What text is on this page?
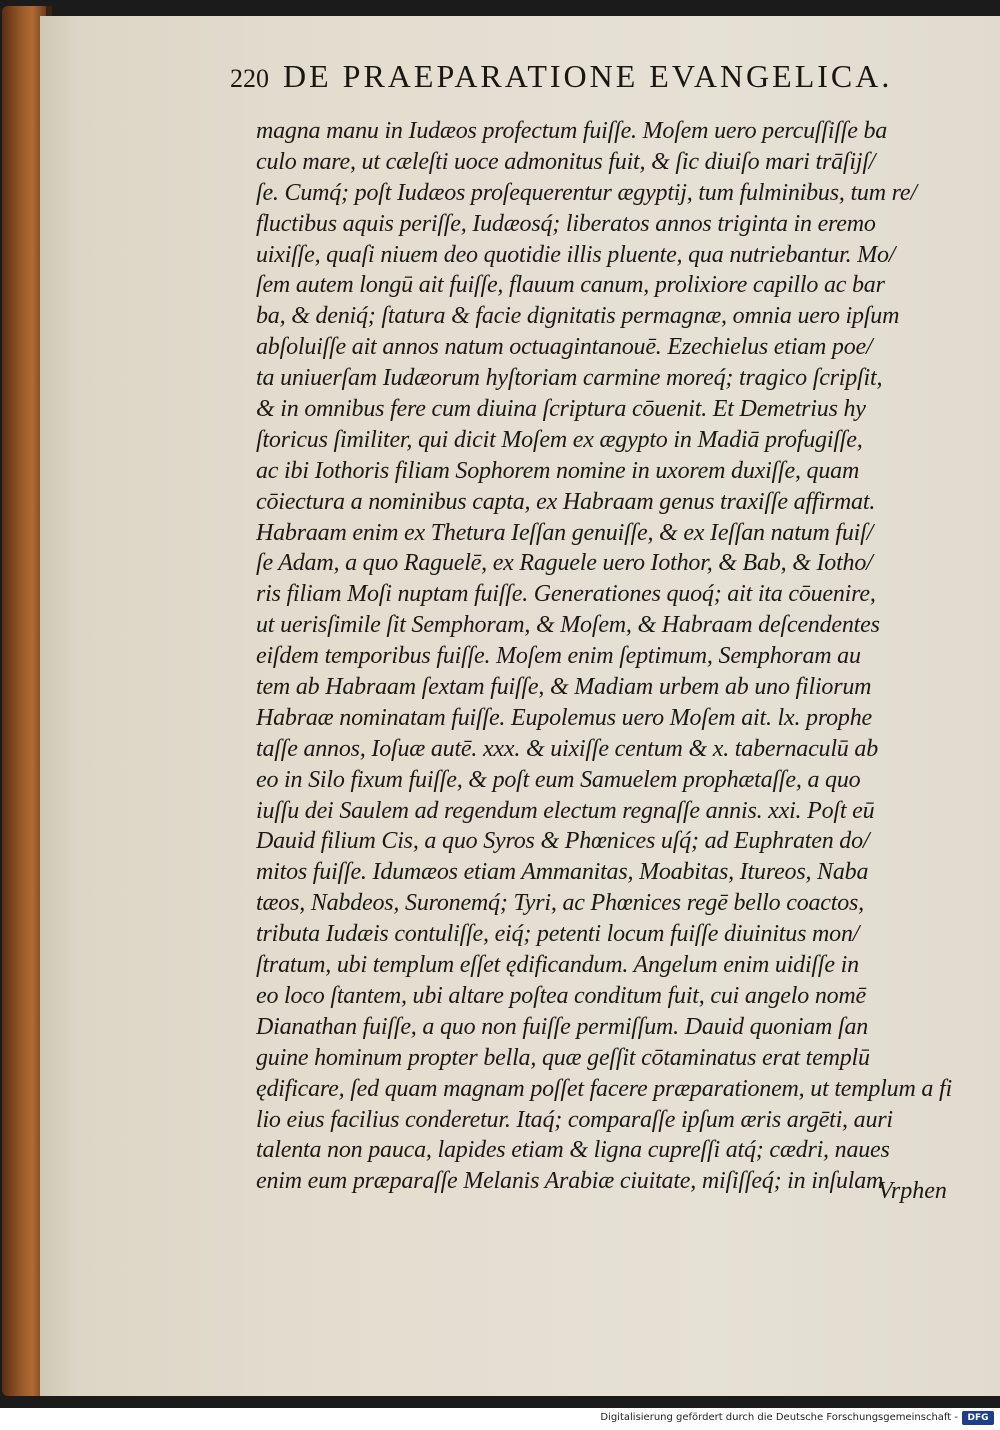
220 DE PRAEPARATIONE EVANGELICA.
magna manu in Iudæos profectum fuiſſe. Moſem uero percuſſiſſe ba
culo mare, ut cæleſti uoce admonitus fuit, & ſic diuiſo mari trāſijſ/
ſe. Cumq́; poſt Iudæos proſequerentur ægyptij, tum fulminibus, tum re/
fluctibus aquis periſſe, Iudæosq́; liberatos annos triginta in eremo
uixiſſe, quaſi niuem deo quotidie illis pluente, qua nutriebantur. Mo/
ſem autem longū ait fuiſſe, flauum canum, prolixiore capillo ac bar
ba, & deniq́; ſtatura & facie dignitatis permagnæ, omnia uero ipſum
abſoluiſſe ait annos natum octuagintanouē. Ezechielus etiam poe/
ta uniuerſam Iudæorum hyſtoriam carmine moreq́; tragico ſcripſit,
& in omnibus fere cum diuina ſcriptura cōuenit. Et Demetrius hy
ſtoricus ſimiliter, qui dicit Moſem ex ægypto in Madiā profugiſſe,
ac ibi Iothoris filiam Sophorem nomine in uxorem duxiſſe, quam
cōiectura a nominibus capta, ex Habraam genus traxiſſe affirmat.
Habraam enim ex Thetura Ieſſan genuiſſe, & ex Ieſſan natum fuiſ/
ſe Adam, a quo Raguelē, ex Raguele uero Iothor, & Bab, & Iotho/
ris filiam Moſi nuptam fuiſſe. Generationes quoq́; ait ita cōuenire,
ut uerisſimile ſit Semphoram, & Moſem, & Habraam deſcendentes
eiſdem temporibus fuiſſe. Moſem enim ſeptimum, Semphoram au
tem ab Habraam ſextam fuiſſe, & Madiam urbem ab uno filiorum
Habraæ nominatam fuiſſe. Eupolemus uero Moſem ait. lx. prophe
taſſe annos, Ioſuæ autē. xxx. & uixiſſe centum & x. tabernaculū ab
eo in Silo fixum fuiſſe, & poſt eum Samuelem prophætaſſe, a quo
iuſſu dei Saulem ad regendum electum regnaſſe annis. xxi. Poſt eū
Dauid filium Cis, a quo Syros & Phœnices uſq́; ad Euphraten do/
mitos fuiſſe. Idumæos etiam Ammanitas, Moabitas, Itureos, Naba
tæos, Nabdeos, Suronemq́; Tyri, ac Phœnices regē bello coactos,
tributa Iudæis contuliſſe, eiq́; petenti locum fuiſſe diuinitus mon/
ſtratum, ubi templum eſſet ędificandum. Angelum enim uidiſſe in
eo loco ſtantem, ubi altare poſtea conditum fuit, cui angelo nomē
Dianathan fuiſſe, a quo non fuiſſe permiſſum. Dauid quoniam ſan
guine hominum propter bella, quæ geſſit cōtaminatus erat templū
ędificare, ſed quam magnam poſſet facere præparationem, ut templum a fi
lio eius facilius conderetur. Itaq́; comparaſſe ipſum æris argēti, auri
talenta non pauca, lapides etiam & ligna cupreſſi atq́; cædri, naues
enim eum præparaſſe Melanis Arabiæ ciuitate, miſiſſeq́; in inſulam
Vrphen
Digitalisierung gefördert durch die Deutsche Forschungsgemeinschaft -	DFG
